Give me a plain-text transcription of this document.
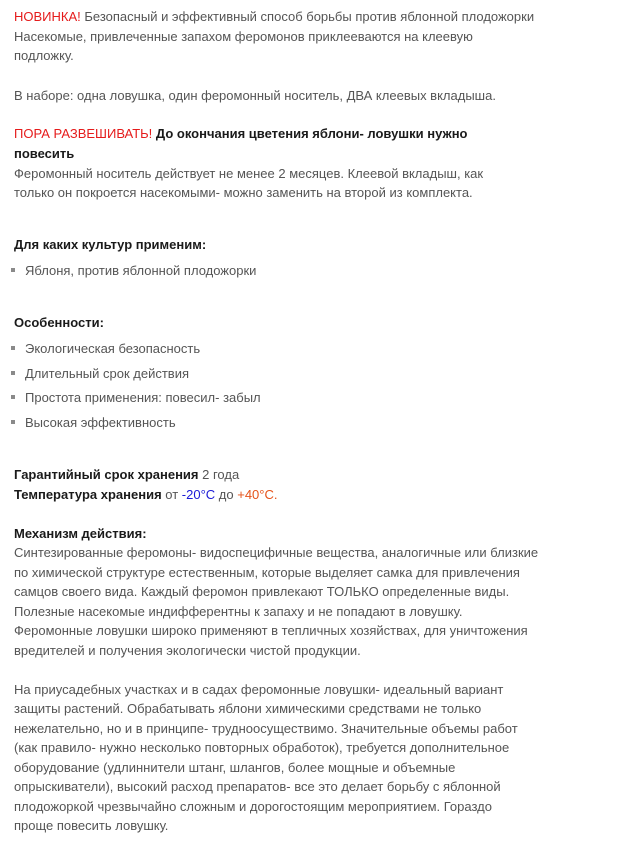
НОВИНКА! Безопасный и эффективный способ борьбы против яблонной плодожорки
Насекомые, привлеченные запахом феромонов приклееваются на клеевую
подложку.
В наборе: одна ловушка, один феромонный носитель, ДВА клеевых вкладыша.
ПОРА РАЗВЕШИВАТЬ! До окончания цветения яблони- ловушки нужно
повесить
Феромонный носитель действует не менее 2 месяцев. Клеевой вкладыш, как
только он покроется насекомыми- можно заменить на второй из комплекта.
Для каких культур применим:
Яблоня, против яблонной плодожорки
Особенности:
Экологическая безопасность
Длительный срок действия
Простота применения: повесил- забыл
Высокая эффективность
Гарантийный срок хранения 2 года
Температура хранения от -20°C до +40°C.
Механизм действия:
Синтезированные феромоны- видоспецифичные вещества, аналогичные или близкие
по химической структуре естественным, которые выделяет самка для привлечения
самцов своего вида. Каждый феромон привлекают ТОЛЬКО определенные виды.
Полезные насекомые индифферентны к запаху и не попадают в ловушку.
Феромонные ловушки широко применяют в тепличных хозяйствах, для уничтожения
вредителей и получения экологически чистой продукции.
На приусадебных участках и в садах феромонные ловушки- идеальный вариант
защиты растений. Обрабатывать яблони химическими средствами не только
нежелательно, но и в принципе- трудноосуществимо. Значительные объемы работ
(как правило- нужно несколько повторных обработок), требуется дополнительное
оборудование (удлиннители штанг, шлангов, более мощные и объемные
опрыскиватели), высокий расход препаратов- все это делает борьбу с яблонной
плодожоркой чрезвычайно сложным и дорогостоящим мероприятием. Гораздо
проще повесить ловушку.
